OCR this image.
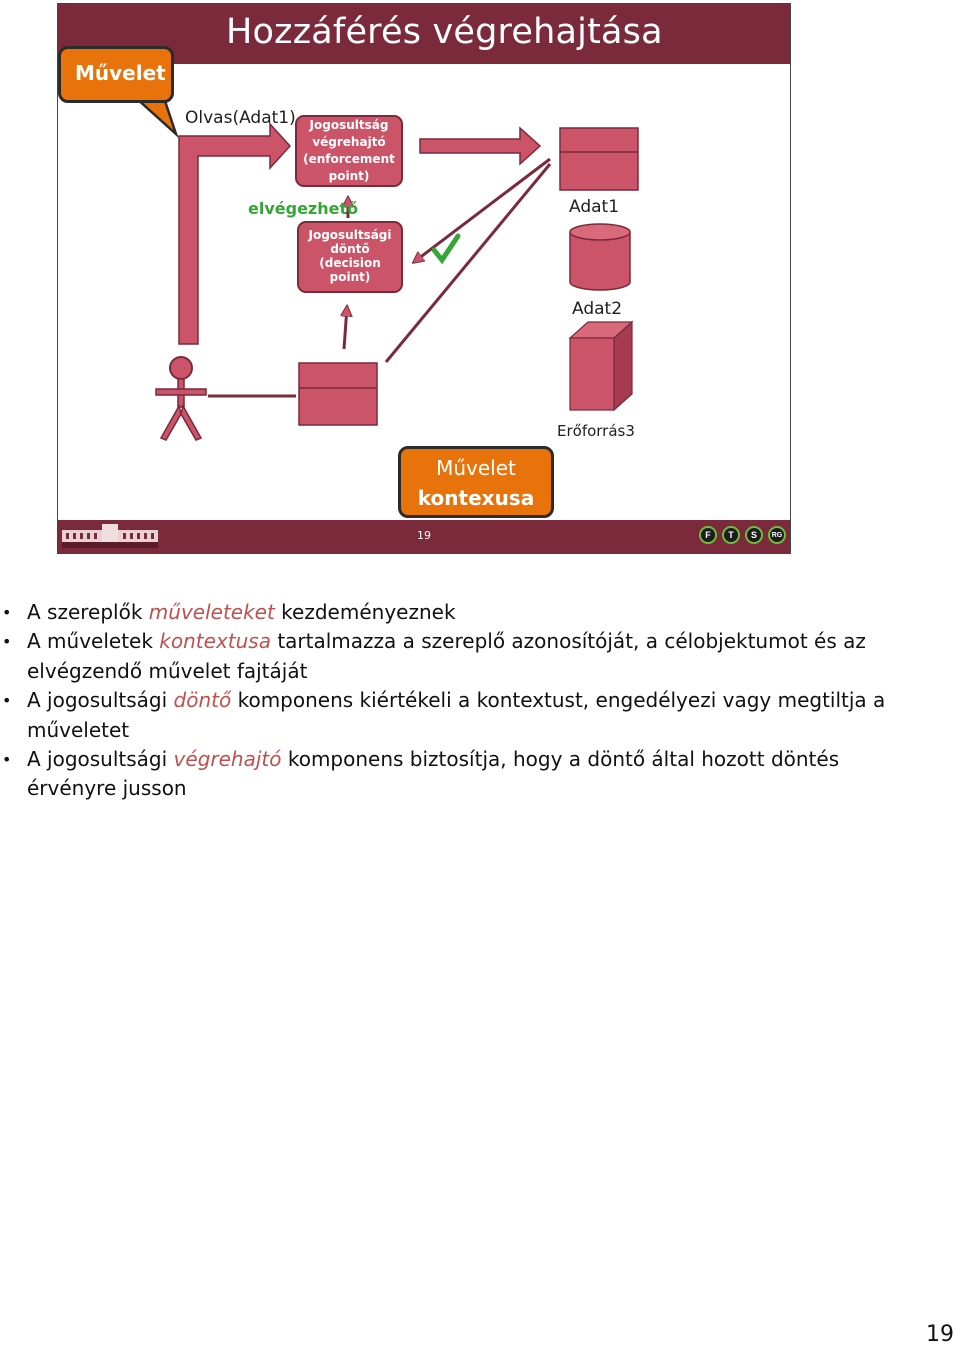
Hozzáférés végrehajtása
Művelet
Olvas(Adat1)	Jogosultság
végrehajtó
(enforcement
point)
Jogosultsági
döntő
(decision
point)
elvégezhető	Adat1
Adat2
Erőforrás3
Művelet
kontexusa
19	F	T	S	RG
• A szereplők műveleteket kezdeményeznek
• A műveletek kontextusa tartalmazza a szereplő azonosítóját, a célobjektumot és az elvégzendő művelet fajtáját
• A jogosultsági döntő komponens kiértékeli a kontextust, engedélyezi vagy megtiltja a műveletet
• A jogosultsági végrehajtó komponens biztosítja, hogy a döntő által hozott döntés érvényre jusson
19
